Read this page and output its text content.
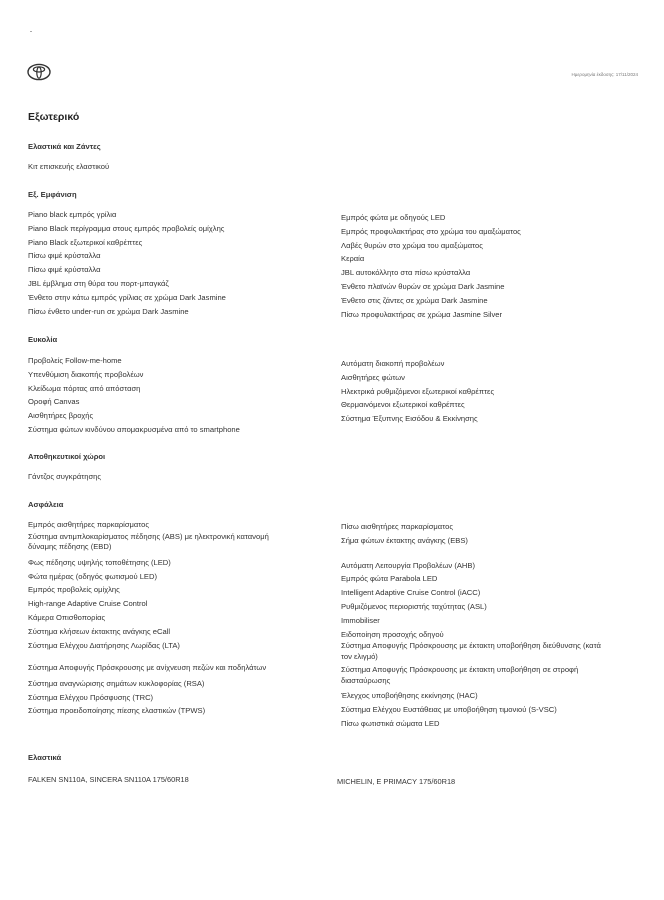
Ημερομηνία έκδοσης: 17/11/2024
Εξωτερικό
Ελαστικά και Ζάντες
Κιτ επισκευής ελαστικού
Εξ. Εμφάνιση
Piano black εμπρός γρίλια
Piano Black περίγραμμα στους εμπρός προβολείς ομίχλης
Piano Black εξωτερικοί καθρέπτες
Πίσω φιμέ κρύσταλλα
Πίσω φιμέ κρύσταλλα
JBL έμβλημα στη θύρα του πορτ-μπαγκάζ
Ένθετο στην κάτω εμπρός γρίλιας σε χρώμα Dark Jasmine
Πίσω ένθετο under-run σε χρώμα Dark Jasmine
Εμπρός φώτα με οδηγούς LED
Εμπρός προφυλακτήρας στο χρώμα του αμαξώματος
Λαβές θυρών στο χρώμα του αμαξώματος
Κεραία
JBL αυτοκόλλητο στα πίσω κρύσταλλα
Ένθετο πλαϊνών θυρών σε χρώμα Dark Jasmine
Ένθετο στις ζάντες σε χρώμα Dark Jasmine
Πίσω προφυλακτήρας σε χρώμα Jasmine Silver
Ευκολία
Προβολείς Follow-me-home
Υπενθύμιση διακοπής προβολέων
Κλείδωμα πόρτας από απόσταση
Οροφή Canvas
Αισθητήρες βροχής
Σύστημα φώτων κινδύνου απομακρυσμένα από το smartphone
Αυτόματη διακοπή προβολέων
Αισθητήρες φώτων
Ηλεκτρικά ρυθμιζόμενοι εξωτερικοί καθρέπτες
Θερμαινόμενοι εξωτερικοί καθρέπτες
Σύστημα Έξυπνης Εισόδου & Εκκίνησης
Αποθηκευτικοί χώροι
Γάντζος συγκράτησης
Ασφάλεια
Εμπρός αισθητήρες παρκαρίσματος
Σύστημα αντιμπλοκαρίσματος πέδησης (ABS) με ηλεκτρονική κατανομή δύναμης πέδησης (EBD)
Φως πέδησης υψηλής τοποθέτησης (LED)
Φώτα ημέρας (οδηγός φωτισμού LED)
Εμπρός προβολείς ομίχλης
High-range Adaptive Cruise Control
Κάμερα Οπισθοπορίας
Σύστημα κλήσεων έκτακτης ανάγκης eCall
Σύστημα Ελέγχου Διατήρησης Λωρίδας (LTA)
Σύστημα Αποφυγής Πρόσκρουσης με ανίχνευση πεζών και ποδηλάτων
Σύστημα αναγνώρισης σημάτων κυκλοφορίας (RSA)
Σύστημα Ελέγχου Πρόσφυσης (TRC)
Σύστημα προειδοποίησης πίεσης ελαστικών (TPWS)
Πίσω αισθητήρες παρκαρίσματος
Σήμα φώτων έκτακτης ανάγκης (EBS)
Αυτόματη Λειτουργία Προβολέων (AHB)
Εμπρός φώτα Parabola LED
Intelligent Adaptive Cruise Control (iACC)
Ρυθμιζόμενος περιοριστής ταχύτητας (ASL)
Immobiliser
Ειδοποίηση προσοχής οδηγού
Σύστημα Αποφυγής Πρόσκρουσης με έκτακτη υποβοήθηση διεύθυνσης (κατά τον ελιγμό)
Σύστημα Αποφυγής Πρόσκρουσης με έκτακτη υποβοήθηση σε στροφή διασταύρωσης
Έλεγχος υποβοήθησης εκκίνησης (HAC)
Σύστημα Ελέγχου Ευστάθειας με υποβοήθηση τιμονιού (S-VSC)
Πίσω φωτιστικά σώματα LED
Ελαστικά
FALKEN SN110A, SINCERA SN110A 175/60R18	MICHELIN, E PRIMACY 175/60R18
